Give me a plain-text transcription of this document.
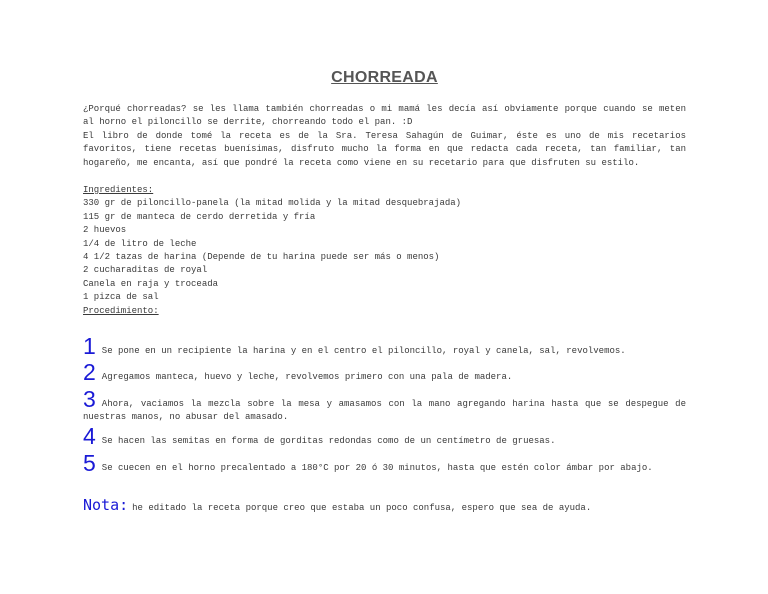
CHORREADA

¿Porqué chorreadas? se les llama también chorreadas o mi mamá les decía así obviamente porque cuando se meten al horno el piloncillo se derrite, chorreando todo el pan. :D

El libro de donde tomé la receta es de la Sra. Teresa Sahagún de Guimar, éste es uno de mis recetarios favoritos, tiene recetas buenísimas, disfruto mucho la forma en que redacta cada receta, tan familiar, tan hogareño, me encanta, así que pondré la receta como viene en su recetario para que disfruten su estilo.

Ingredientes:
330 gr de piloncillo-panela (la mitad molida y la mitad desquebrajada)
115 gr de manteca de cerdo derretida y fría
2 huevos
1/4 de litro de leche
4 1/2 tazas de harina (Depende de tu harina puede ser más o menos)
2 cucharaditas de royal
Canela en raja y troceada
1 pizca de sal
Procedimiento:
1 Se pone en un recipiente la harina y en el centro el piloncillo, royal y canela, sal, revolvemos.
2 Agregamos manteca, huevo y leche, revolvemos primero con una pala de madera.
3 Ahora, vaciamos la mezcla sobre la mesa y amasamos con la mano agregando harina hasta que se despegue de nuestras manos, no abusar del amasado.
4 Se hacen las semitas en forma de gorditas redondas como de un centímetro de gruesas.
5 Se cuecen en el horno precalentado a 180°C por 20 ó 30 minutos, hasta que estén color ámbar por abajo.
Nota: he editado la receta porque creo que estaba un poco confusa, espero que sea de ayuda.
